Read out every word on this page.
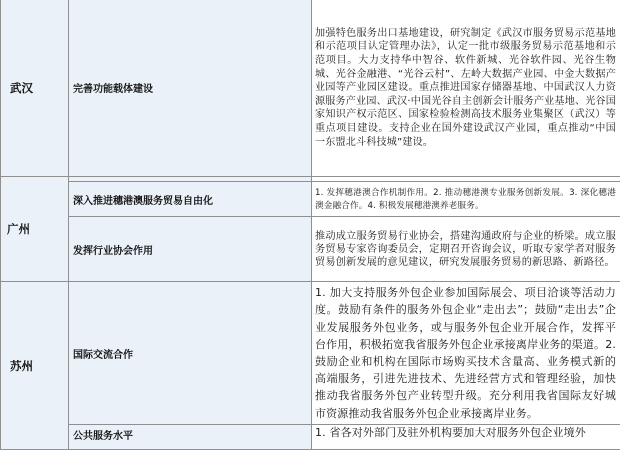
武汉	完善功能载体建设	加强特色服务出口基地建设，研究制定《武汉市服务贸易示范基地和示范项目认定管理办法》，认定一批市级服务贸易示范基地和示范项目。大力支持华中智谷、软件新城、光谷软件园、光谷生物城、光谷金融港、“光谷云村”、左岭大数据产业园、中金大数据产业园等产业园区建设。重点推进国家存储器基地、中国武汉人力资源服务产业园、武汉·中国光谷自主创新会计服务产业基地、光谷国家知识产权示范区、国家检验检测高技术服务业集聚区（武汉）等重点项目建设。支持企业在国外建设武汉产业园，重点推动“中国一东盟北斗科技城”建设。

广州		
	深入推进穗港澳服务贸易自由化	1. 发挥穗港澳合作机制作用。2. 推动穗港澳专业服务创新发展。3. 深化穗港澳金融合作。4. 积极发展穗港澳养老服务。

	发挥行业协会作用	推动成立服务贸易行业协会，搭建沟通政府与企业的桥梁。成立服务贸易专家咨询委员会，定期召开咨询会议，听取专家学者对服务贸易创新发展的意见建议，研究发展服务贸易的新思路、新路径。

苏州	国际交流合作	1. 加大支持服务外包企业参加国际展会、项目洽谈等活动力度。鼓励有条件的服务外包企业“走出去”；鼓励“走出去”企业发展服务外包业务，或与服务外包企业开展合作，发挥平台作用，积极拓宽我省服务外包企业承接离岸业务的渠道。2. 鼓励企业和机构在国际市场购买技术含量高、业务模式新的高端服务，引进先进技术、先进经营方式和管理经验，加快推动我省服务外包产业转型升级。充分利用我省国际友好城市资源推动我省服务外包企业承接离岸业务。

	公共服务水平	1. 省各对外部门及驻外机构要加大对服务外包企业境外
